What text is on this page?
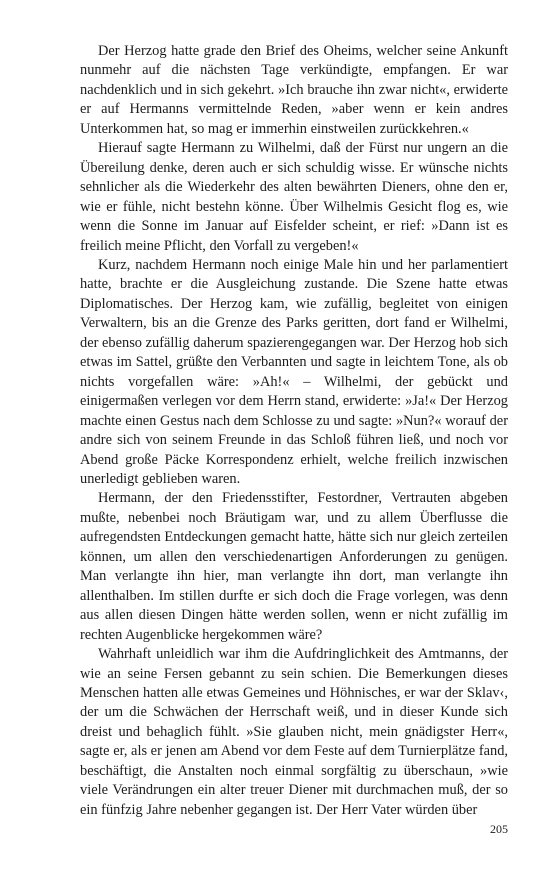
Der Herzog hatte grade den Brief des Oheims, welcher seine Ankunft nunmehr auf die nächsten Tage verkündigte, empfangen. Er war nachdenklich und in sich gekehrt. »Ich brauche ihn zwar nicht«, erwiderte er auf Hermanns vermittelnde Reden, »aber wenn er kein andres Unterkommen hat, so mag er immerhin einstweilen zurückkehren.«

Hierauf sagte Hermann zu Wilhelmi, daß der Fürst nur ungern an die Übereilung denke, deren auch er sich schuldig wisse. Er wünsche nichts sehnlicher als die Wiederkehr des alten bewährten Dieners, ohne den er, wie er fühle, nicht bestehn könne. Über Wilhelmis Gesicht flog es, wie wenn die Sonne im Januar auf Eisfelder scheint, er rief: »Dann ist es freilich meine Pflicht, den Vorfall zu vergeben!«

Kurz, nachdem Hermann noch einige Male hin und her parlamentiert hatte, brachte er die Ausgleichung zustande. Die Szene hatte etwas Diplomatisches. Der Herzog kam, wie zufällig, begleitet von einigen Verwaltern, bis an die Grenze des Parks geritten, dort fand er Wilhelmi, der ebenso zufällig daherum spazierengegangen war. Der Herzog hob sich etwas im Sattel, grüßte den Verbannten und sagte in leichtem Tone, als ob nichts vorgefallen wäre: »Ah!« – Wilhelmi, der gebückt und einigermaßen verlegen vor dem Herrn stand, erwiderte: »Ja!« Der Herzog machte einen Gestus nach dem Schlosse zu und sagte: »Nun?« worauf der andre sich von seinem Freunde in das Schloß führen ließ, und noch vor Abend große Päcke Korrespondenz erhielt, welche freilich inzwischen unerledigt geblieben waren.

Hermann, der den Friedensstifter, Festordner, Vertrauten abgeben mußte, nebenbei noch Bräutigam war, und zu allem Überflusse die aufregendsten Entdeckungen gemacht hatte, hätte sich nur gleich zerteilen können, um allen den verschiedenartigen Anforderungen zu genügen. Man verlangte ihn hier, man verlangte ihn dort, man verlangte ihn allenthalben. Im stillen durfte er sich doch die Frage vorlegen, was denn aus allen diesen Dingen hätte werden sollen, wenn er nicht zufällig im rechten Augenblicke hergekommen wäre?

Wahrhaft unleidlich war ihm die Aufdringlichkeit des Amtmanns, der wie an seine Fersen gebannt zu sein schien. Die Bemerkungen dieses Menschen hatten alle etwas Gemeines und Höhnisches, er war der Sklav‹, der um die Schwächen der Herrschaft weiß, und in dieser Kunde sich dreist und behaglich fühlt. »Sie glauben nicht, mein gnädigster Herr«, sagte er, als er jenen am Abend vor dem Feste auf dem Turnierplätze fand, beschäftigt, die Anstalten noch einmal sorgfältig zu überschaun, »wie viele Verändrungen ein alter treuer Diener mit durchmachen muß, der so ein fünfzig Jahre nebenher gegangen ist. Der Herr Vater würden über

205
